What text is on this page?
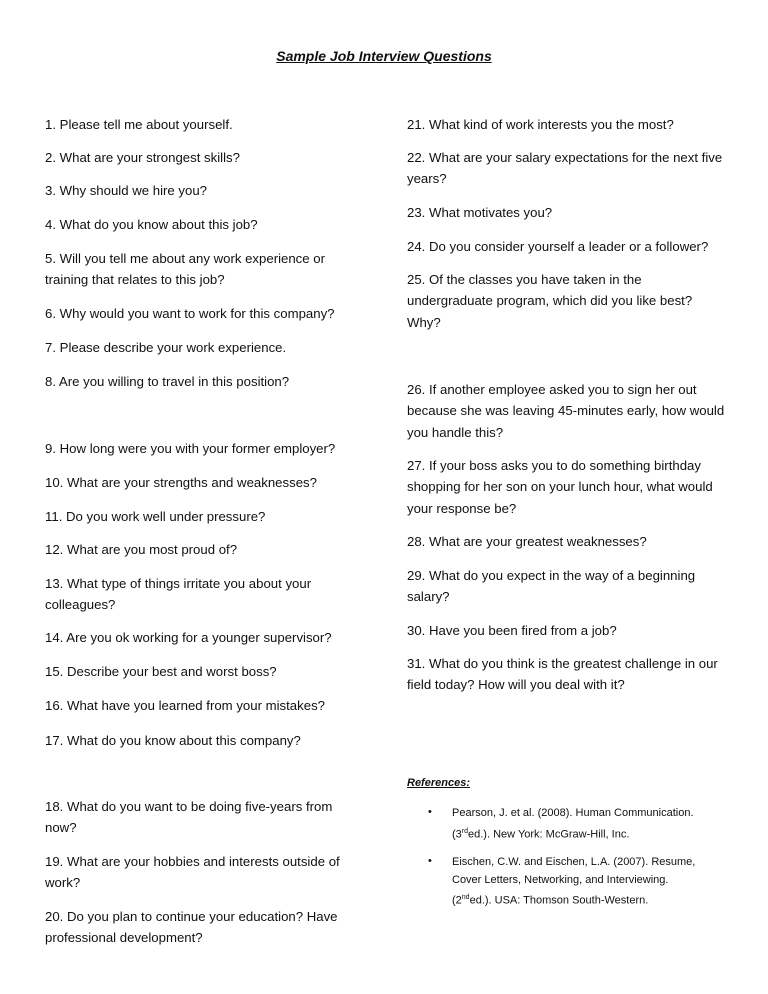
Sample Job Interview Questions
1. Please tell me about yourself.
2. What are your strongest skills?
3. Why should we hire you?
4. What do you know about this job?
5. Will you tell me about any work experience or training that relates to this job?
6. Why would you want to work for this company?
7. Please describe your work experience.
8. Are you willing to travel in this position?
9. How long were you with your former employer?
10. What are your strengths and weaknesses?
11. Do you work well under pressure?
12. What are you most proud of?
13. What type of things irritate you about your colleagues?
14. Are you ok working for a younger supervisor?
15. Describe your best and worst boss?
16. What have you learned from your mistakes?
17. What do you know about this company?
18. What do you want to be doing five-years from now?
19. What are your hobbies and interests outside of work?
20. Do you plan to continue your education? Have professional development?
21. What kind of work interests you the most?
22. What are your salary expectations for the next five years?
23. What motivates you?
24. Do you consider yourself a leader or a follower?
25. Of the classes you have taken in the undergraduate program, which did you like best? Why?
26. If another employee asked you to sign her out because she was leaving 45-minutes early, how would you handle this?
27. If your boss asks you to do something birthday shopping for her son on your lunch hour, what would your response be?
28. What are your greatest weaknesses?
29. What do you expect in the way of a beginning salary?
30. Have you been fired from a job?
31. What do you think is the greatest challenge in our field today? How will you deal with it?
References:
• Pearson, J. et al. (2008). Human Communication. (3rded.). New York: McGraw-Hill, Inc.
• Eischen, C.W. and Eischen, L.A. (2007). Resume, Cover Letters, Networking, and Interviewing. (2nded.). USA: Thomson South-Western.
